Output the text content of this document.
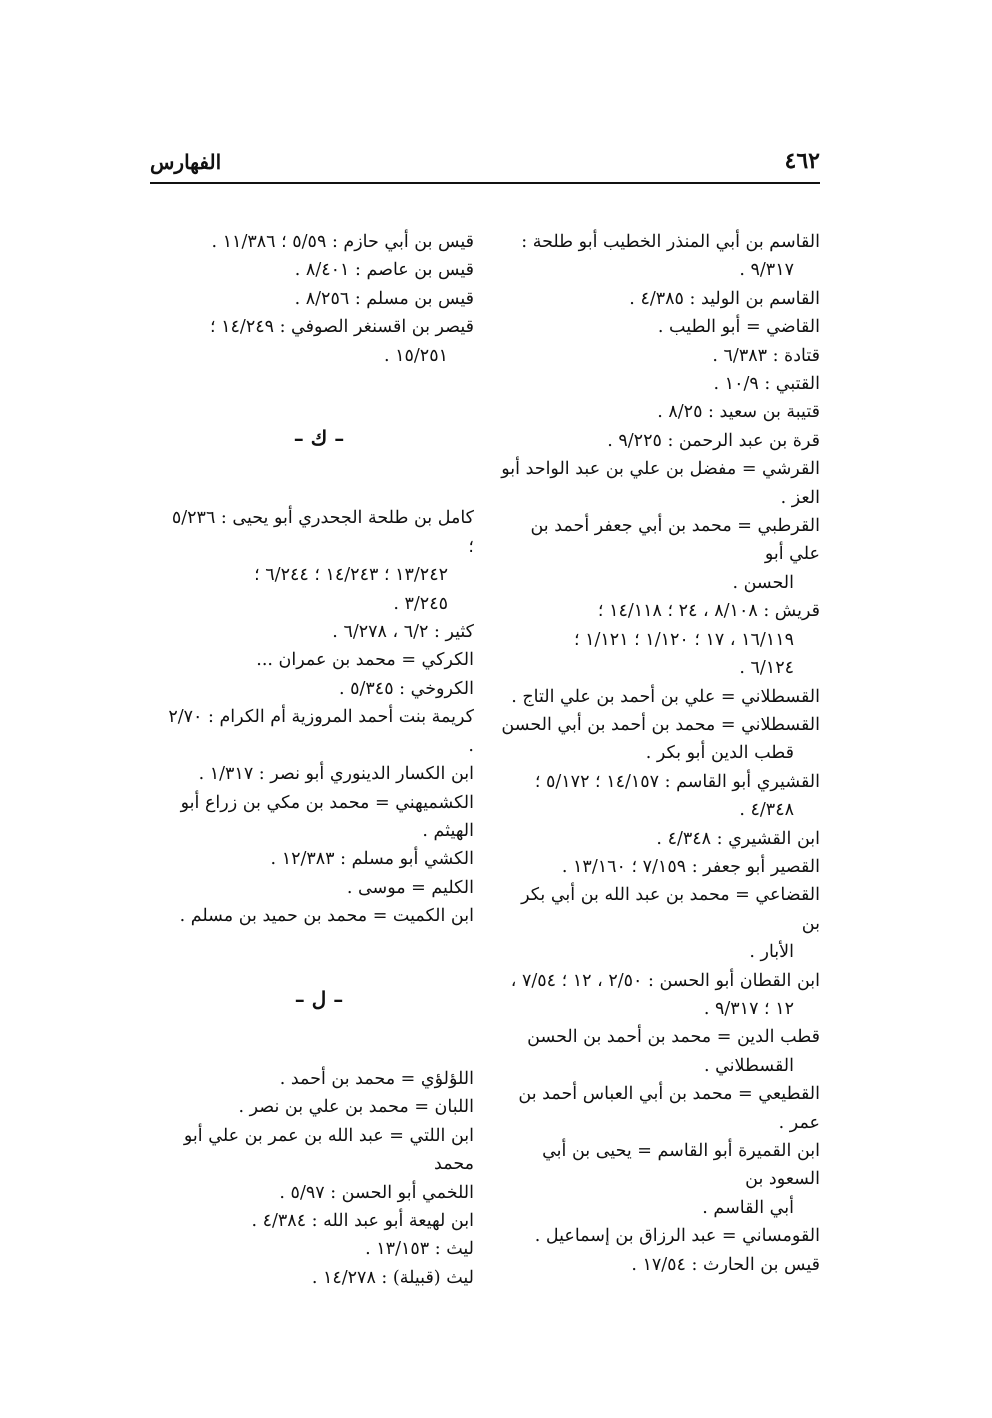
٤٦٢
الفهارس
القاسم بن أبي المنذر الخطيب أبو طلحة :
٩/٣١٧ .
القاسم بن الوليد : ٤/٣٨٥ .
القاضي = أبو الطيب .
قتادة : ٦/٣٨٣ .
القتبي : ١٠/٩ .
قتيبة بن سعيد : ٨/٢٥ .
قرة بن عبد الرحمن : ٩/٢٢٥ .
القرشي = مفضل بن علي بن عبد الواحد أبو العز .
القرطبي = محمد بن أبي جعفر أحمد بن علي أبو
الحسن .
قريش : ٨/١٠٨ ، ٢٤ ؛ ١٤/١١٨ ؛
١٦/١١٩ ، ١٧ ؛ ١/١٢٠ ؛ ١/١٢١ ؛
٦/١٢٤ .
القسطلاني = علي بن أحمد بن علي التاج .
القسطلاني = محمد بن أحمد بن أبي الحسن
قطب الدين أبو بكر .
القشيري أبو القاسم : ١٤/١٥٧ ؛ ٥/١٧٢ ؛
٤/٣٤٨ .
ابن القشيري : ٤/٣٤٨ .
القصير أبو جعفر : ٧/١٥٩ ؛ ١٣/١٦٠ .
القضاعي = محمد بن عبد الله بن أبي بكر بن
الأبار .
ابن القطان أبو الحسن : ٢/٥٠ ، ١٢ ؛ ٧/٥٤ ،
١٢ ؛ ٩/٣١٧ .
قطب الدين = محمد بن أحمد بن الحسن
القسطلاني .
القطيعي = محمد بن أبي العباس أحمد بن عمر .
ابن القميرة أبو القاسم = يحيى بن أبي السعود بن
أبي القاسم .
القومساني = عبد الرزاق بن إسماعيل .
قيس بن الحارث : ١٧/٥٤ .
قيس بن أبي حازم : ٥/٥٩ ؛ ١١/٣٨٦ .
قيس بن عاصم : ٨/٤٠١ .
قيس بن مسلم : ٨/٢٥٦ .
قيصر بن اقسنغر الصوفي : ١٤/٢٤٩ ؛
١٥/٢٥١ .
– ك –
كامل بن طلحة الجحدري أبو يحيى : ٥/٢٣٦ ؛
١٣/٢٤٢ ؛ ١٤/٢٤٣ ؛ ٦/٢٤٤ ؛
٣/٢٤٥ .
كثير : ٦/٢ ، ٦/٢٧٨ .
الكركي = محمد بن عمران ...
الكروخي : ٥/٣٤٥ .
كريمة بنت أحمد المروزية أم الكرام : ٢/٧٠ .
ابن الكسار الدينوري أبو نصر : ١/٣١٧ .
الكشميهني = محمد بن مكي بن زراع أبو الهيثم .
الكشي أبو مسلم : ١٢/٣٨٣ .
الكليم = موسى .
ابن الكميت = محمد بن حميد بن مسلم .
– ل –
اللؤلؤي = محمد بن أحمد .
اللبان = محمد بن علي بن نصر .
ابن اللتي = عبد الله بن عمر بن علي أبو محمد
اللخمي أبو الحسن : ٥/٩٧ .
ابن لهيعة أبو عبد الله : ٤/٣٨٤ .
ليث : ١٣/١٥٣ .
ليث (قبيلة) : ١٤/٢٧٨ .
